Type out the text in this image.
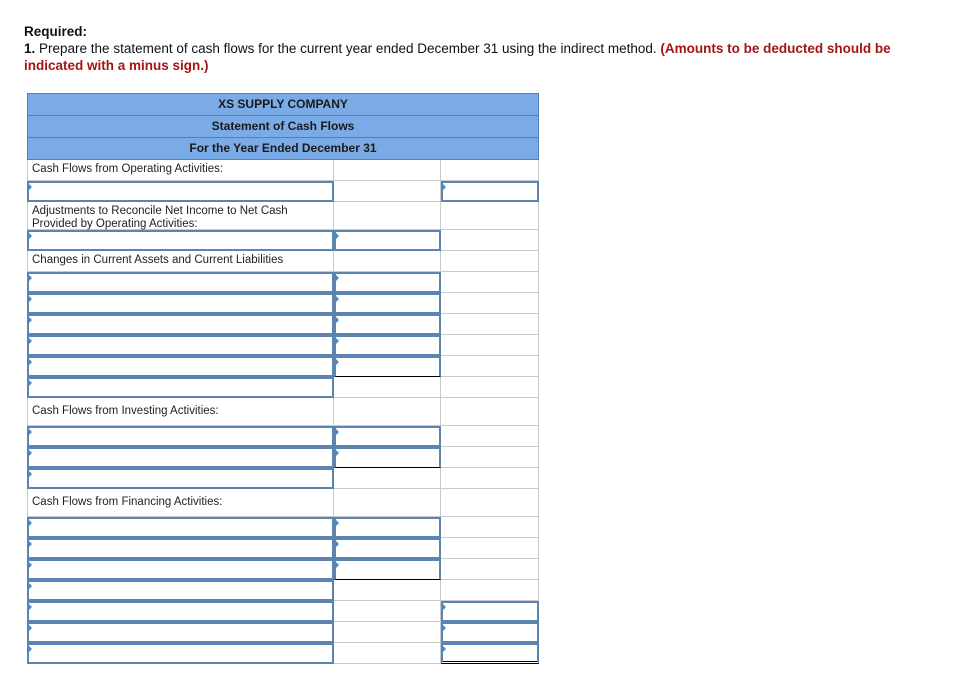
Required:
1. Prepare the statement of cash flows for the current year ended December 31 using the indirect method. (Amounts to be deducted should be indicated with a minus sign.)
XS SUPPLY COMPANY
Statement of Cash Flows
For the Year Ended December 31
Cash Flows from Operating Activities:
Adjustments to Reconcile Net Income to Net Cash Provided by Operating Activities:
Changes in Current Assets and Current Liabilities
Cash Flows from Investing Activities:
Cash Flows from Financing Activities:
